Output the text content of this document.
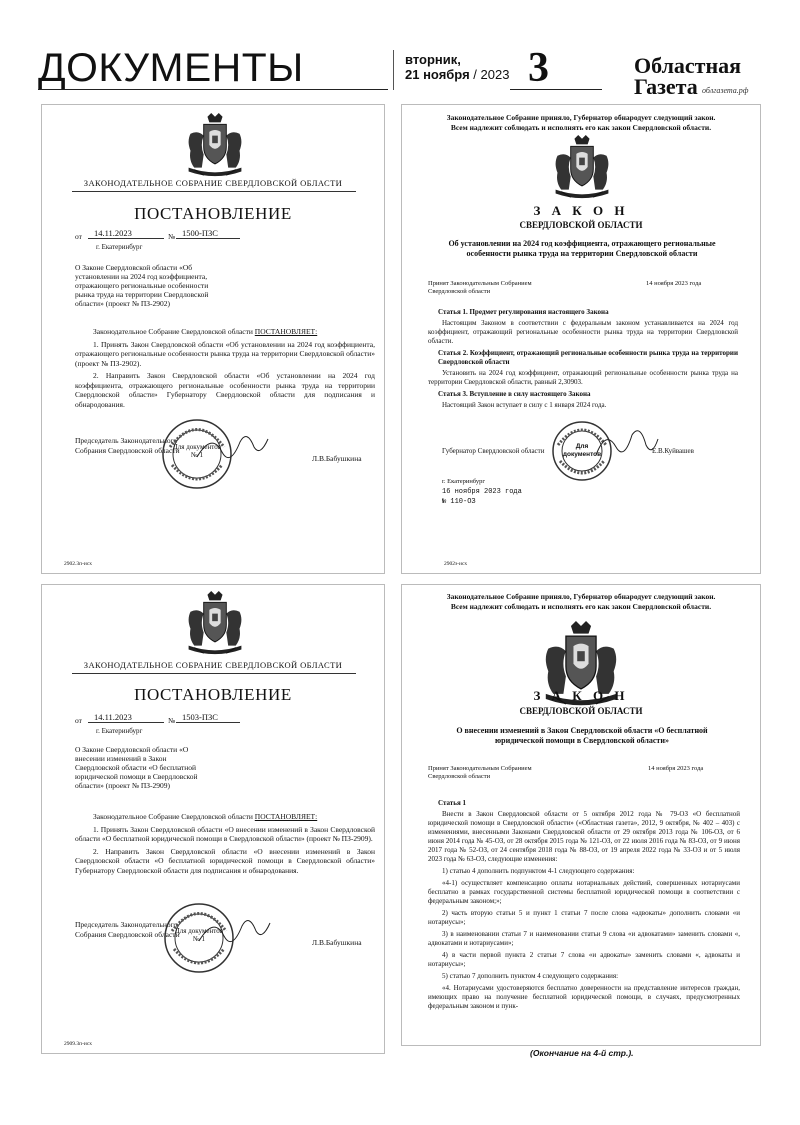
ДОКУМЕНТЫ	вторник,
21 ноября / 2023 3	Областная
Газета облгазета.рф
ЗАКОНОДАТЕЛЬНОЕ СОБРАНИЕ СВЕРДЛОВСКОЙ ОБЛАСТИ
ПОСТАНОВЛЕНИЕ
от	14.11.2023	№ 1500-ПЗС
г. Екатеринбург
О Законе Свердловской области «Об установлении на 2024 год коэффициента, отражающего региональные особенности рынка труда на территории Свердловской области» (проект № ПЗ-2902)

Законодательное Собрание Свердловской области ПОСТАНОВЛЯЕТ:

1. Принять Закон Свердловской области «Об установлении на 2024 год коэффициента, отражающего региональные особенности рынка труда на территории Свердловской области» (проект № ПЗ-2902).

2. Направить Закон Свердловской области «Об установлении на 2024 год коэффициента, отражающего региональные особенности рынка труда на территории Свердловской области» Губернатору Свердловской области для подписания и обнародования.

Председатель Законодательного Собрания Свердловской области
Для документов № 1	Л.В.Бабушкина
2902.3п-исх
Законодательное Собрание приняло, Губернатор обнародует следующий закон.
Всем надлежит соблюдать и исполнять его как закон Свердловской области.
З А К О Н
СВЕРДЛОВСКОЙ ОБЛАСТИ
Об установлении на 2024 год коэффициента, отражающего региональные особенности рынка труда на территории Свердловской области
Принят Законодательным Собранием Свердловской области
14 ноября 2023 года
Статья 1. Предмет регулирования настоящего Закона

Настоящим Законом в соответствии с федеральным законом устанавливается на 2024 год коэффициент, отражающий региональные особенности рынка труда на территории Свердловской области.

Статья 2. Коэффициент, отражающий региональные особенности рынка труда на территории Свердловской области

Установить на 2024 год коэффициент, отражающий региональные особенности рынка труда на территории Свердловской области, равный 2,30903.

Статья 3. Вступление в силу настоящего Закона

Настоящий Закон вступает в силу с 1 января 2024 года.

Губернатор Свердловской области
Для документов	Е.В.Куйвашев
г. Екатеринбург
16 ноября 2023 года
№ 110-ОЗ
2902з-исх
ЗАКОНОДАТЕЛЬНОЕ СОБРАНИЕ СВЕРДЛОВСКОЙ ОБЛАСТИ
ПОСТАНОВЛЕНИЕ
от	14.11.2023	№ 1503-ПЗС
г. Екатеринбург
О Законе Свердловской области «О внесении изменений в Закон Свердловской области «О бесплатной юридической помощи в Свердловской области» (проект № ПЗ-2909)

Законодательное Собрание Свердловской области ПОСТАНОВЛЯЕТ:

1. Принять Закон Свердловской области «О внесении изменений в Закон Свердловской области «О бесплатной юридической помощи в Свердловской области» (проект № ПЗ-2909).

2. Направить Закон Свердловской области «О внесении изменений в Закон Свердловской области «О бесплатной юридической помощи в Свердловской области» Губернатору Свердловской области для подписания и обнародования.

Председатель Законодательного Собрания Свердловской области
Для документов № 1	Л.В.Бабушкина
2909.3п-исх
Законодательное Собрание приняло, Губернатор обнародует следующий закон.
Всем надлежит соблюдать и исполнять его как закон Свердловской области.
З А К О Н
СВЕРДЛОВСКОЙ ОБЛАСТИ
О внесении изменений в Закон Свердловской области «О бесплатной юридической помощи в Свердловской области»
Принят Законодательным Собранием Свердловской области
14 ноября 2023 года
Статья 1

Внести в Закон Свердловской области от 5 октября 2012 года № 79-ОЗ «О бесплатной юридической помощи в Свердловской области» («Областная газета», 2012, 9 октября, № 402 – 403) с изменениями, внесенными Законами Свердловской области от 29 октября 2013 года № 106-ОЗ, от 6 июня 2014 года № 45-ОЗ, от 28 октября 2015 года № 121-ОЗ, от 22 июля 2016 года № 83-ОЗ, от 9 июня 2017 года № 52-ОЗ, от 24 сентября 2018 года № 88-ОЗ, от 19 апреля 2022 года № 33-ОЗ и от 5 июля 2023 года № 63-ОЗ, следующие изменения:

1) статью 4 дополнить подпунктом 4-1 следующего содержания:

«4-1) осуществляет компенсацию оплаты нотариальных действий, совершенных нотариусами бесплатно в рамках государственной системы бесплатной юридической помощи в соответствии с федеральным законом;»;

2) часть вторую статьи 5 и пункт 1 статьи 7 после слова «адвокаты» дополнить словами «и нотариусы»;

3) в наименовании статьи 7 и наименовании статьи 9 слова «и адвокатами» заменить словами «, адвокатами и нотариусами»;

4) в части первой пункта 2 статьи 7 слова «и адвокаты» заменить словами «, адвокаты и нотариусы»;

5) статью 7 дополнить пунктом 4 следующего содержания:

«4. Нотариусами удостоверяются бесплатно доверенности на представление интересов граждан, имеющих право на получение бесплатной юридической помощи, в случаях, предусмотренных федеральным законом и пунк-

(Окончание на 4-й стр.).
